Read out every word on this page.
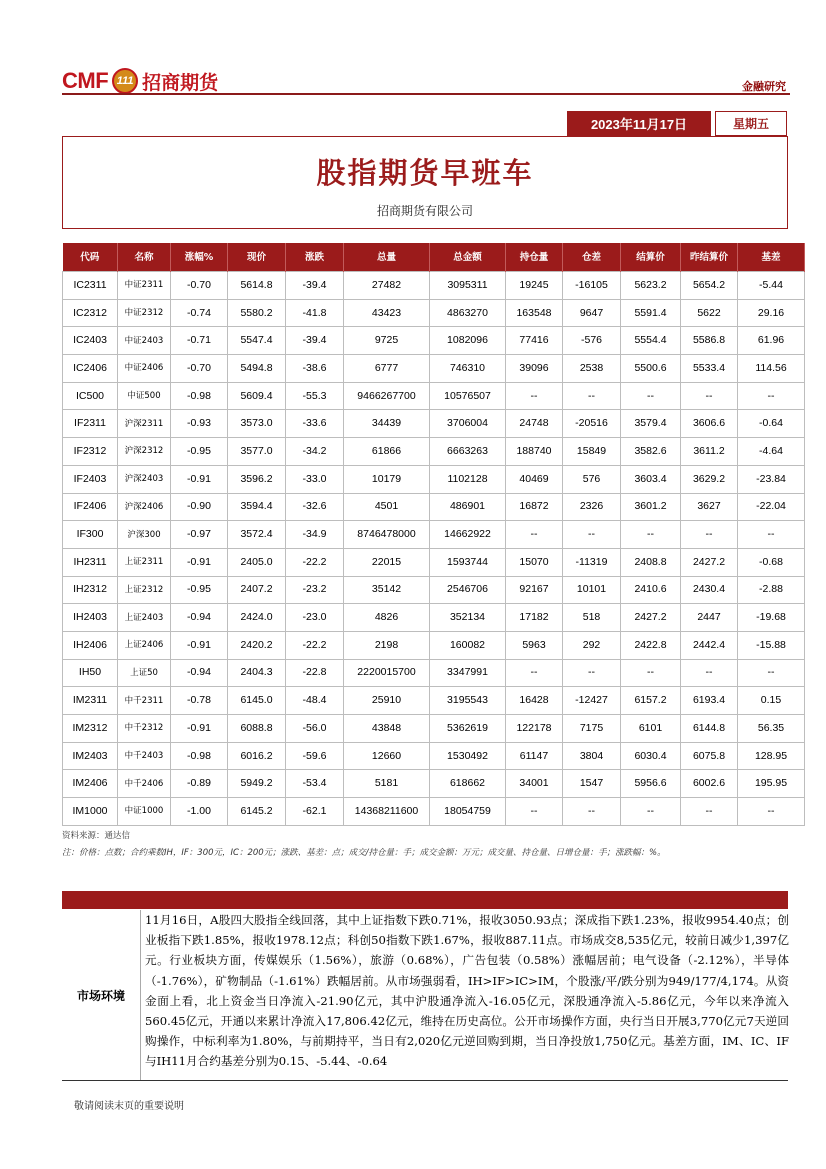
CMF 111 招商期货	金融研究
2023年11月17日	星期五
股指期货早班车
招商期货有限公司
代码	名称	涨幅%	现价	涨跌	总量	总金额	持仓量	仓差	结算价	昨结算价	基差
IC2311	中证2311	-0.70	5614.8	-39.4	27482	3095311	19245	-16105	5623.2	5654.2	-5.44
IC2312	中证2312	-0.74	5580.2	-41.8	43423	4863270	163548	9647	5591.4	5622	29.16
IC2403	中证2403	-0.71	5547.4	-39.4	9725	1082096	77416	-576	5554.4	5586.8	61.96
IC2406	中证2406	-0.70	5494.8	-38.6	6777	746310	39096	2538	5500.6	5533.4	114.56
IC500	中证500	-0.98	5609.4	-55.3	9466267700	10576507	--	--	--	--	--
IF2311	沪深2311	-0.93	3573.0	-33.6	34439	3706004	24748	-20516	3579.4	3606.6	-0.64
IF2312	沪深2312	-0.95	3577.0	-34.2	61866	6663263	188740	15849	3582.6	3611.2	-4.64
IF2403	沪深2403	-0.91	3596.2	-33.0	10179	1102128	40469	576	3603.4	3629.2	-23.84
IF2406	沪深2406	-0.90	3594.4	-32.6	4501	486901	16872	2326	3601.2	3627	-22.04
IF300	沪深300	-0.97	3572.4	-34.9	8746478000	14662922	--	--	--	--	--
IH2311	上证2311	-0.91	2405.0	-22.2	22015	1593744	15070	-11319	2408.8	2427.2	-0.68
IH2312	上证2312	-0.95	2407.2	-23.2	35142	2546706	92167	10101	2410.6	2430.4	-2.88
IH2403	上证2403	-0.94	2424.0	-23.0	4826	352134	17182	518	2427.2	2447	-19.68
IH2406	上证2406	-0.91	2420.2	-22.2	2198	160082	5963	292	2422.8	2442.4	-15.88
IH50	上证50	-0.94	2404.3	-22.8	2220015700	3347991	--	--	--	--	--
IM2311	中千2311	-0.78	6145.0	-48.4	25910	3195543	16428	-12427	6157.2	6193.4	0.15
IM2312	中千2312	-0.91	6088.8	-56.0	43848	5362619	122178	7175	6101	6144.8	56.35
IM2403	中千2403	-0.98	6016.2	-59.6	12660	1530492	61147	3804	6030.4	6075.8	128.95
IM2406	中千2406	-0.89	5949.2	-53.4	5181	618662	34001	1547	5956.6	6002.6	195.95
IM1000	中证1000	-1.00	6145.2	-62.1	14368211600	18054759	--	--	--	--	--
资料来源：通达信
注：价格：点数；合约乘数IH，IF：300元，IC：200元；涨跌、基差：点；成交/持仓量：手；成交金额：万元；成交量、持仓量、日增仓量：手；涨跌幅：%。
市场环境
11月16日，A股四大股指全线回落，其中上证指数下跌0.71%，报收3050.93点；深成指下跌1.23%，报收9954.40点；创业板指下跌1.85%，报收1978.12点；科创50指数下跌1.67%，报收887.11点。市场成交8,535亿元，较前日减少1,397亿元。行业板块方面，传媒娱乐（1.56%），旅游（0.68%），广告包装（0.58%）涨幅居前；电气设备（-2.12%），半导体（-1.76%），矿物制品（-1.61%）跌幅居前。从市场强弱看，IH>IF>IC>IM，个股涨/平/跌分别为949/177/4,174。从资金面上看，北上资金当日净流入-21.90亿元，其中沪股通净流入-16.05亿元，深股通净流入-5.86亿元，今年以来净流入560.45亿元，开通以来累计净流入17,806.42亿元，维持在历史高位。公开市场操作方面，央行当日开展3,770亿元7天逆回购操作，中标利率为1.80%，与前期持平，当日有2,020亿元逆回购到期，当日净投放1,750亿元。基差方面，IM、IC、IF与IH11月合约基差分别为0.15、-5.44、-0.64
敬请阅读末页的重要说明
